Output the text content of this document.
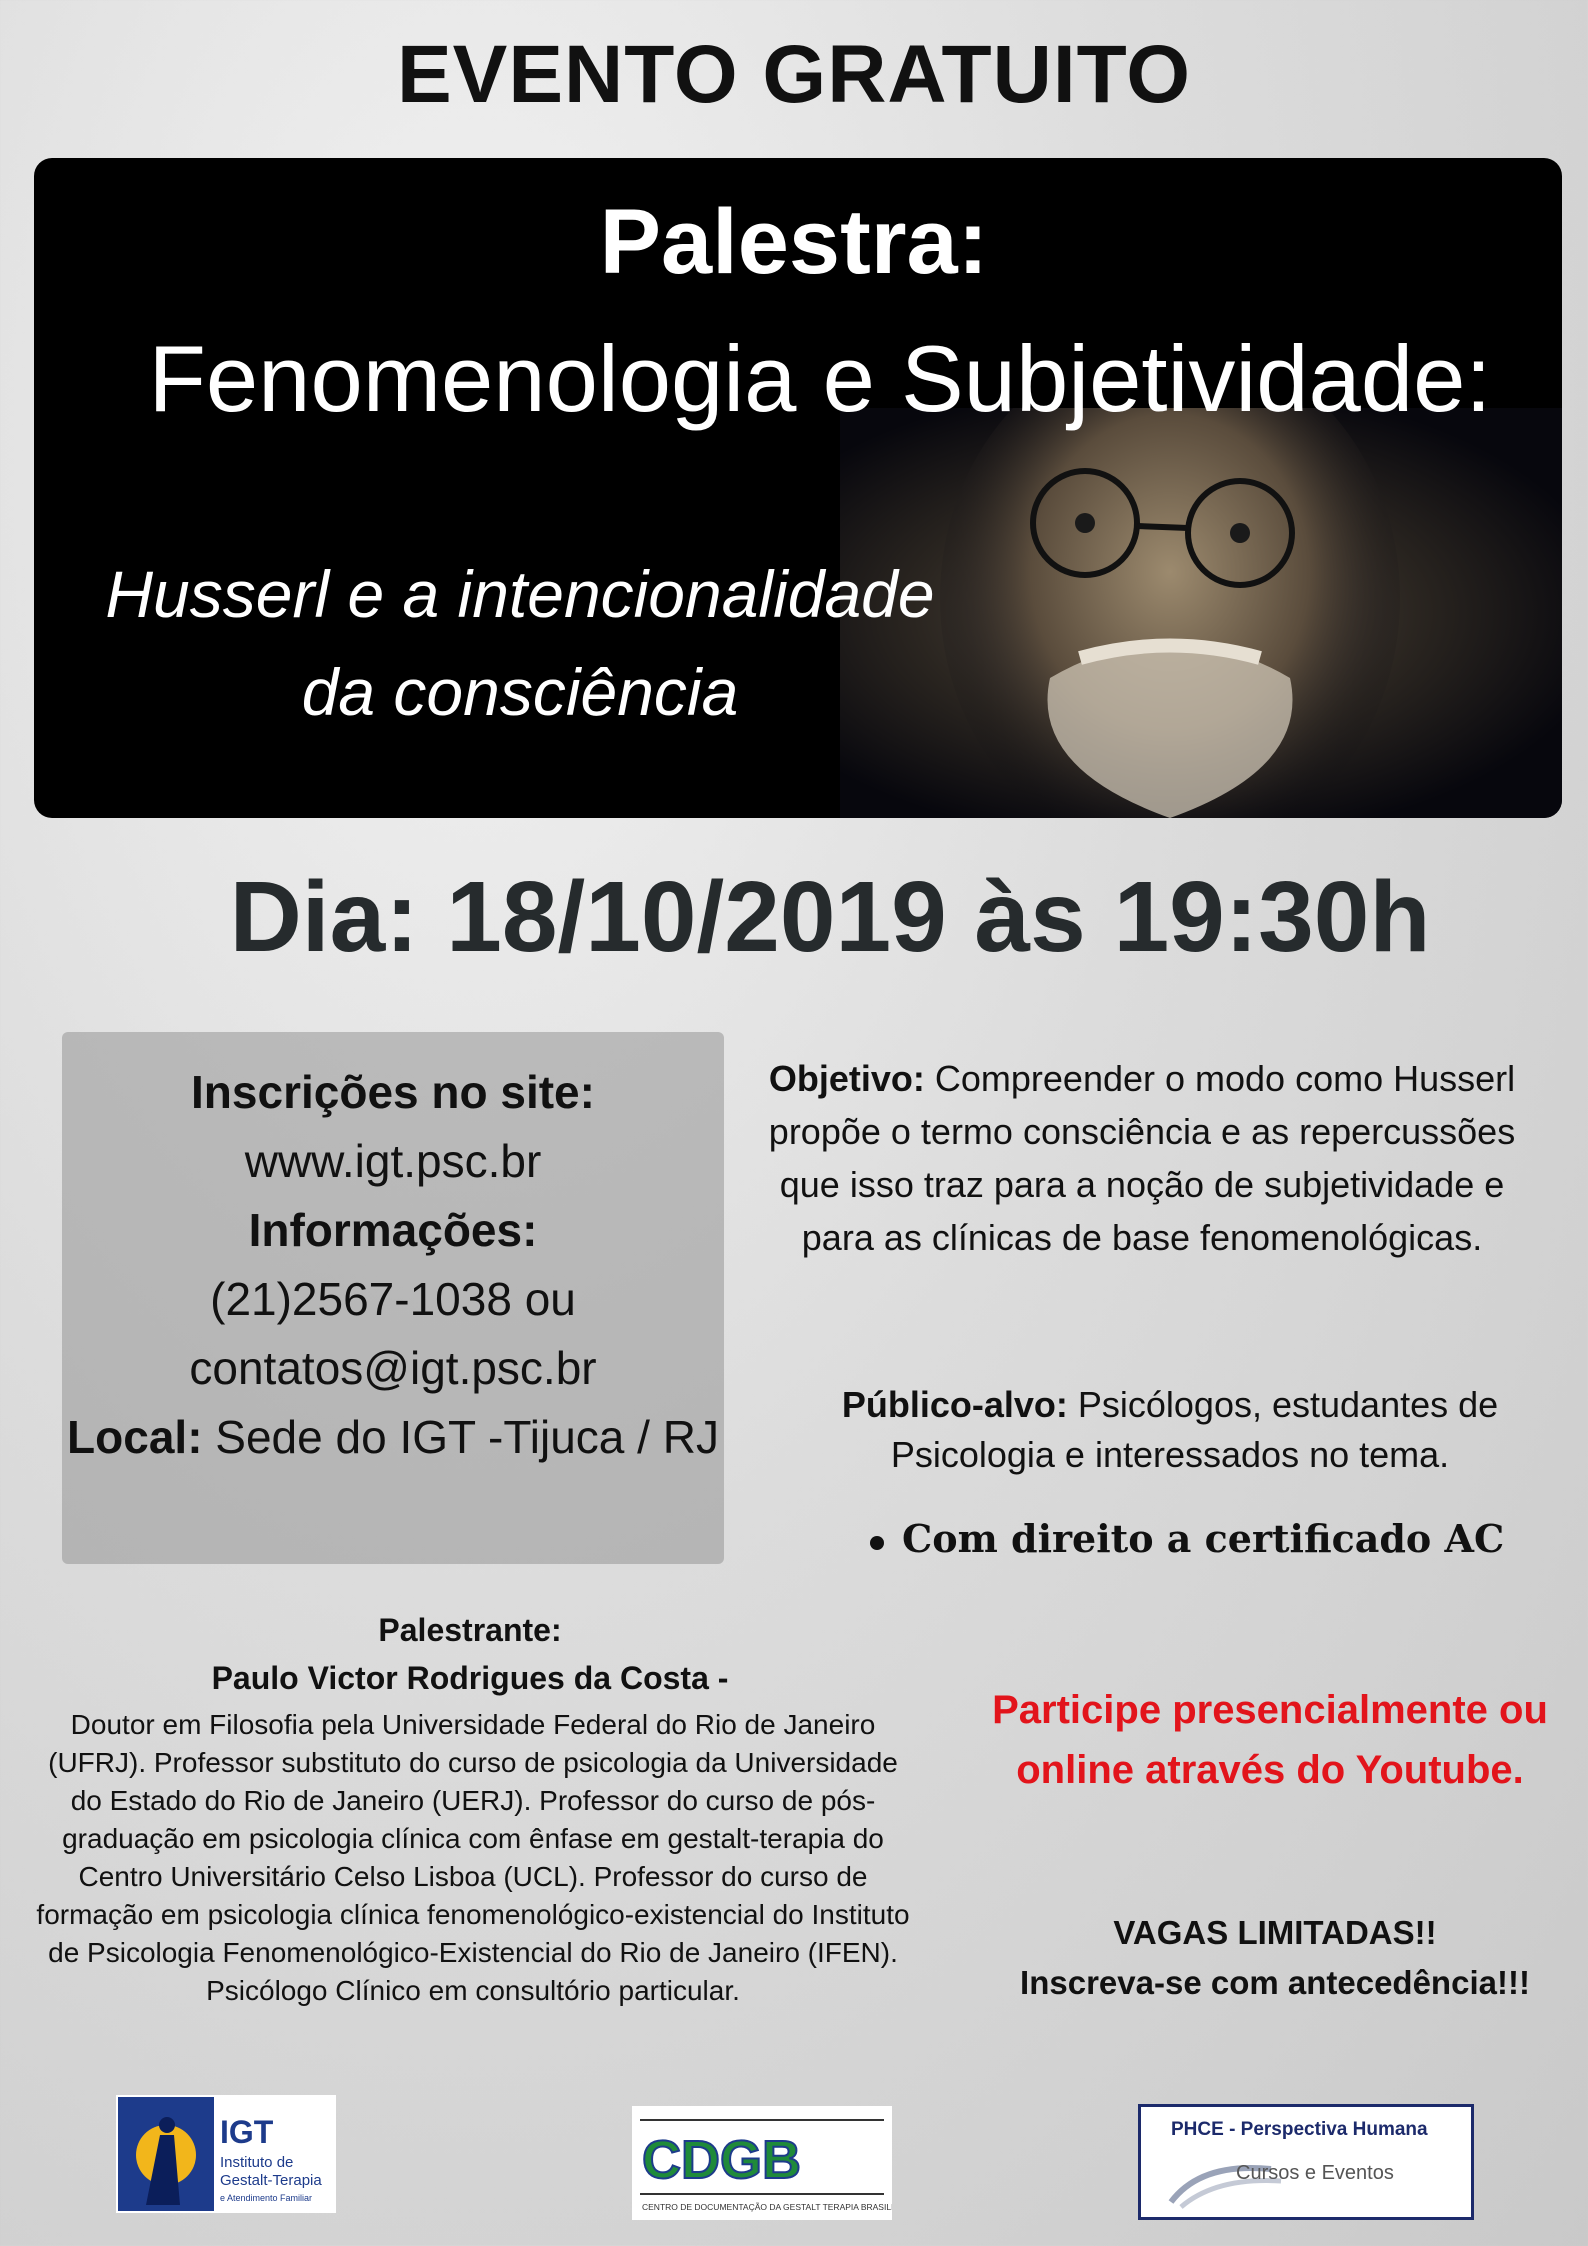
EVENTO GRATUITO
Palestra:
Fenomenologia e Subjetividade:
Husserl e a intencionalidade
da consciência
Dia: 18/10/2019 às 19:30h
Inscrições no site:
www.igt.psc.br
Informações:
(21)2567-1038 ou
contatos@igt.psc.br
Local: Sede do IGT -Tijuca / RJ
Objetivo: Compreender o modo como Husserl propõe o termo consciência e as repercussões que isso traz para a noção de subjetividade e para as clínicas de base fenomenológicas.
Público-alvo: Psicólogos, estudantes de Psicologia e interessados no tema.
Com direito a certificado AC
Palestrante:
Paulo Victor Rodrigues da Costa -
Doutor em Filosofia pela Universidade Federal do Rio de Janeiro (UFRJ). Professor substituto do curso de psicologia da Universidade do Estado do Rio de Janeiro (UERJ). Professor do curso de pós-graduação em psicologia clínica com ênfase em gestalt-terapia do Centro Universitário Celso Lisboa (UCL). Professor do curso de formação em psicologia clínica fenomenológico-existencial do Instituto de Psicologia Fenomenológico-Existencial do Rio de Janeiro (IFEN). Psicólogo Clínico em consultório particular.
Participe presencialmente ou online através do Youtube.
VAGAS LIMITADAS!!
Inscreva-se com antecedência!!!
IGT
Instituto de
Gestalt-Terapia
e Atendimento Familiar
CDGB
CENTRO DE DOCUMENTAÇÃO DA GESTALT TERAPIA BRASILEIRA
PHCE - Perspectiva Humana
Cursos e Eventos
